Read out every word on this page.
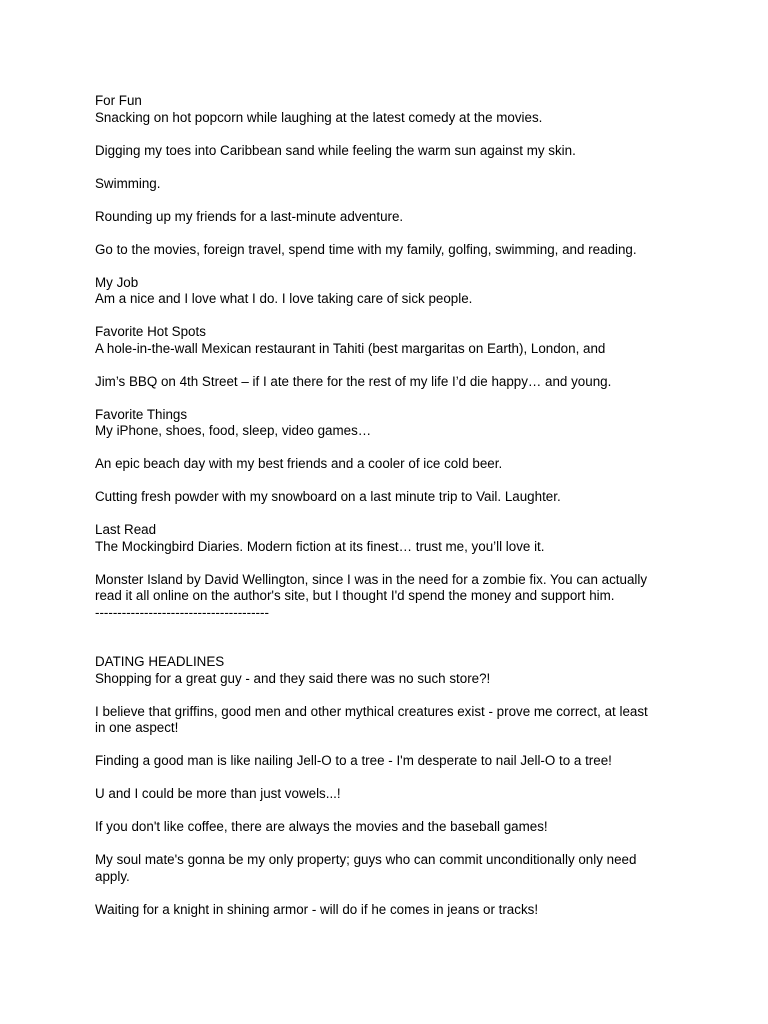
For Fun

Snacking on hot popcorn while laughing at the latest comedy at the movies.

Digging my toes into Caribbean sand while feeling the warm sun against my skin.

Swimming.

Rounding up my friends for a last-minute adventure.

Go to the movies, foreign travel, spend time with my family, golfing, swimming, and reading.

My Job

Am a nice and I love what I do. I love taking care of sick people.

Favorite Hot Spots

A hole-in-the-wall Mexican restaurant in Tahiti (best margaritas on Earth), London, and

Jim’s BBQ on 4th Street – if I ate there for the rest of my life I’d die happy… and young.

Favorite Things

My iPhone, shoes, food, sleep, video games…

An epic beach day with my best friends and a cooler of ice cold beer.

Cutting fresh powder with my snowboard on a last minute trip to Vail. Laughter.

Last Read

The Mockingbird Diaries. Modern fiction at its finest… trust me, you’ll love it.

Monster Island by David Wellington, since I was in the need for a zombie fix. You can actually

read it all online on the author's site, but I thought I'd spend the money and support him.

---------------------------------------

DATING HEADLINES

Shopping for a great guy - and they said there was no such store?!

I believe that griffins, good men and other mythical creatures exist - prove me correct, at least

in one aspect!

Finding a good man is like nailing Jell-O to a tree - I'm desperate to nail Jell-O to a tree!

U and I could be more than just vowels...!

If you don't like coffee, there are always the movies and the baseball games!

My soul mate's gonna be my only property; guys who can commit unconditionally only need

apply.

Waiting for a knight in shining armor - will do if he comes in jeans or tracks!
